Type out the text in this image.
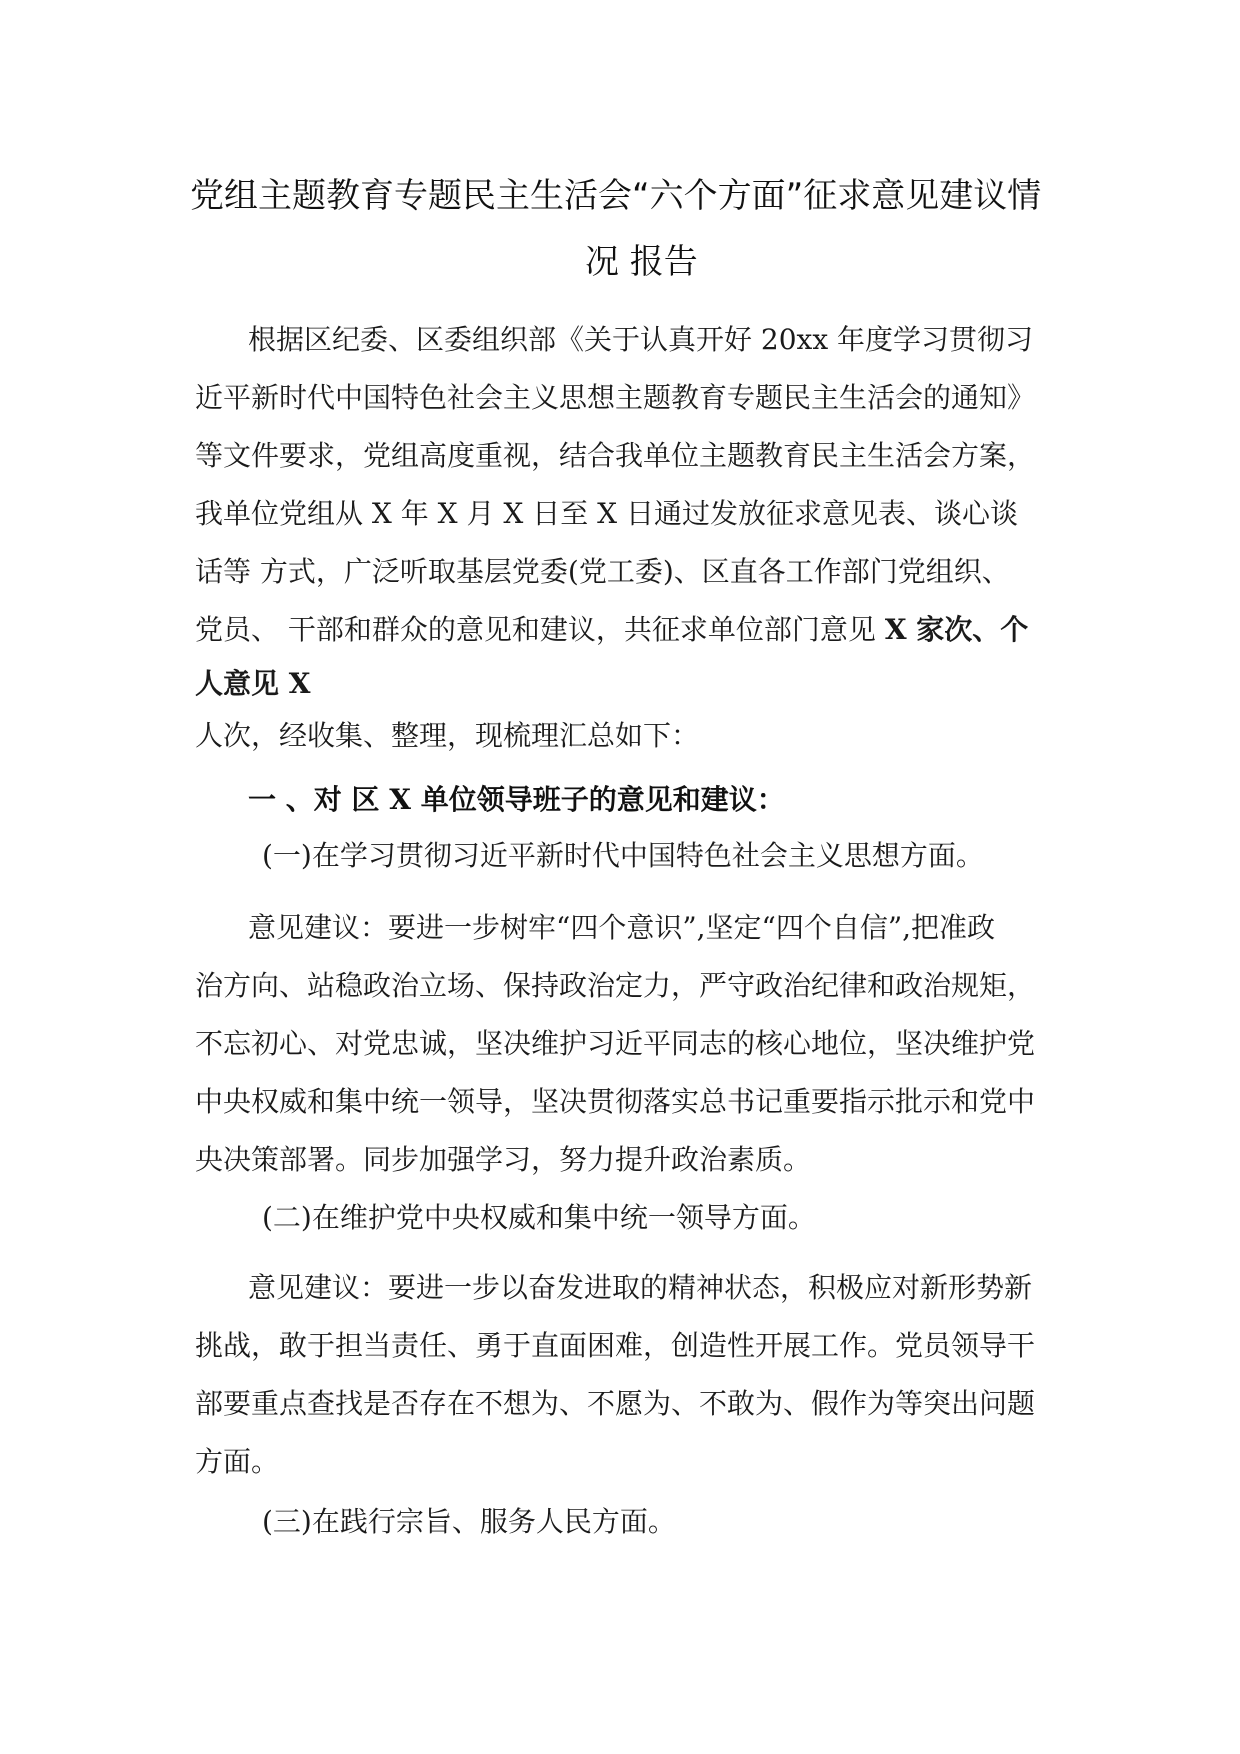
党组主题教育专题民主生活会“六个方面”征求意见建议情
况 报告
根据区纪委、区委组织部《关于认真开好 20xx 年度学习贯彻习
近平新时代中国特色社会主义思想主题教育专题民主生活会的通知》
等文件要求，党组高度重视，结合我单位主题教育民主生活会方案，
我单位党组从 X 年 X 月 X 日至 X 日通过发放征求意见表、谈心谈
话等 方式，广泛听取基层党委(党工委)、区直各工作部门党组织、
党员、 干部和群众的意见和建议，共征求单位部门意见 X 家次、个
人意见 X
人次，经收集、整理，现梳理汇总如下：
一 、对 区 X 单位领导班子的意见和建议：
(一)在学习贯彻习近平新时代中国特色社会主义思想方面。
意见建议：要进一步树牢“四个意识”,坚定“四个自信”,把准政
治方向、站稳政治立场、保持政治定力，严守政治纪律和政治规矩，
不忘初心、对党忠诚，坚决维护习近平同志的核心地位，坚决维护党
中央权威和集中统一领导，坚决贯彻落实总书记重要指示批示和党中
央决策部署。同步加强学习，努力提升政治素质。
(二)在维护党中央权威和集中统一领导方面。
意见建议：要进一步以奋发进取的精神状态，积极应对新形势新
挑战，敢于担当责任、勇于直面困难，创造性开展工作。党员领导干
部要重点查找是否存在不想为、不愿为、不敢为、假作为等突出问题
方面。
(三)在践行宗旨、服务人民方面。
